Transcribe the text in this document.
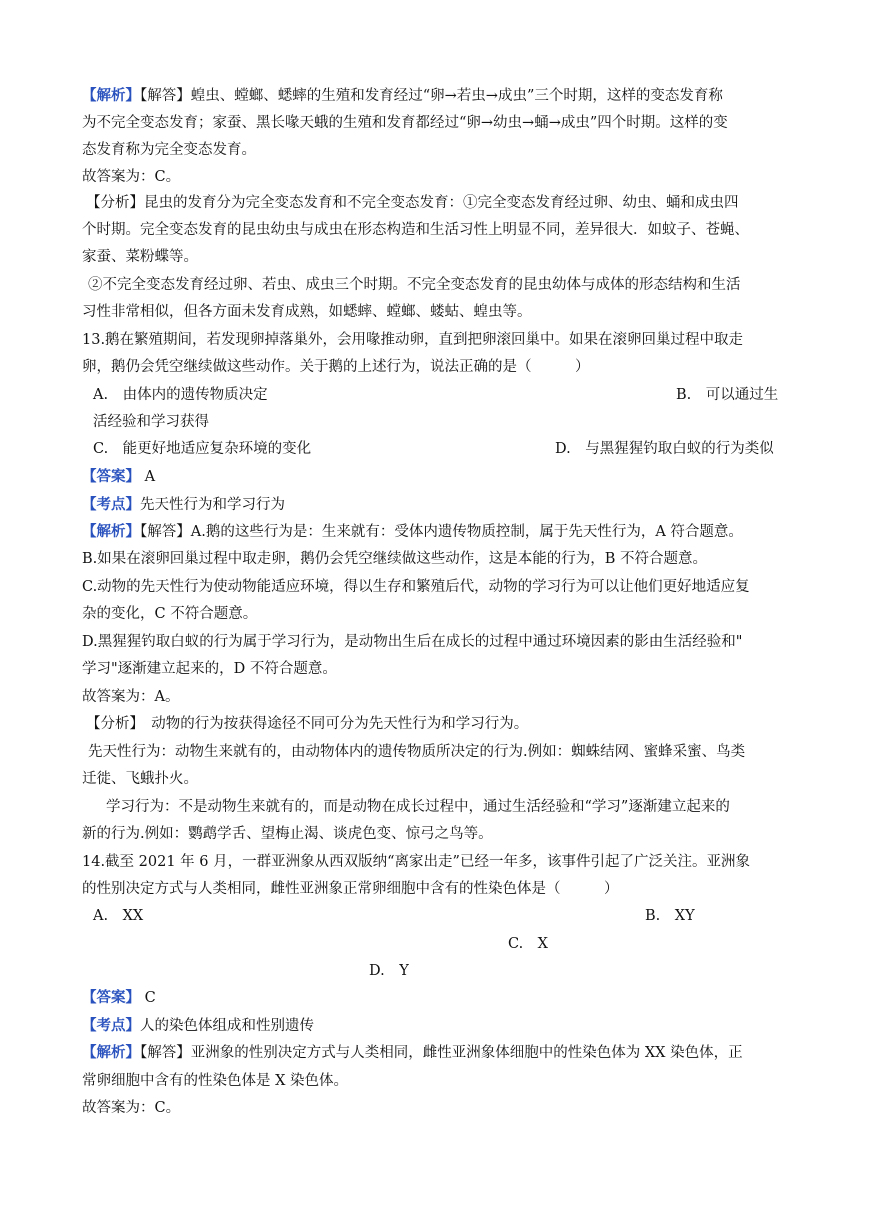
【解析】【解答】蝗虫、螳螂、蟋蟀的生殖和发育经过“卵→若虫→成虫”三个时期，这样的变态发育称
为不完全变态发育；家蚕、黑长喙天蛾的生殖和发育都经过“卵→幼虫→蛹→成虫”四个时期。这样的变
态发育称为完全变态发育。
故答案为：C。
【分析】昆虫的发育分为完全变态发育和不完全变态发育：①完全变态发育经过卵、幼虫、蛹和成虫四
个时期。完全变态发育的昆虫幼虫与成虫在形态构造和生活习性上明显不同，差异很大．如蚊子、苍蝇、
家蚕、菜粉蝶等。
②不完全变态发育经过卵、若虫、成虫三个时期。不完全变态发育的昆虫幼体与成体的形态结构和生活
习性非常相似，但各方面未发育成熟，如蟋蟀、螳螂、蝼蛄、蝗虫等。
13.鹅在繁殖期间，若发现卵掉落巢外，会用喙推动卵，直到把卵滚回巢中。如果在滚卵回巢过程中取走
卵，鹅仍会凭空继续做这些动作。关于鹅的上述行为，说法正确的是（　　　）
A.　由体内的遗传物质决定	B.　可以通过生
活经验和学习获得
C.　能更好地适应复杂环境的变化	D.　与黑猩猩钓取白蚁的行为类似
【答案】 A
【考点】先天性行为和学习行为
【解析】【解答】A.鹅的这些行为是：生来就有：受体内遗传物质控制，属于先天性行为，A 符合题意。
B.如果在滚卵回巢过程中取走卵，鹅仍会凭空继续做这些动作，这是本能的行为，B 不符合题意。
C.动物的先天性行为使动物能适应环境，得以生存和繁殖后代，动物的学习行为可以让他们更好地适应复
杂的变化，C 不符合题意。
D.黑猩猩钓取白蚁的行为属于学习行为，是动物出生后在成长的过程中通过环境因素的影由生活经验和"
学习"逐渐建立起来的，D 不符合题意。
故答案为：A。
【分析】　动物的行为按获得途径不同可分为先天性行为和学习行为。
先天性行为：动物生来就有的，由动物体内的遗传物质所决定的行为.例如：蜘蛛结网、蜜蜂采蜜、鸟类
迁徙、飞蛾扑火。
学习行为：不是动物生来就有的，而是动物在成长过程中，通过生活经验和“学习”逐渐建立起来的
新的行为.例如：鹦鹉学舌、望梅止渴、谈虎色变、惊弓之鸟等。
14.截至 2021 年 6 月，一群亚洲象从西双版纳“离家出走”已经一年多，该事件引起了广泛关注。亚洲象
的性别决定方式与人类相同，雌性亚洲象正常卵细胞中含有的性染色体是（　　　）
A.　XX	B.　XY
C.　X
D.　Y
【答案】 C
【考点】人的染色体组成和性别遗传
【解析】【解答】亚洲象的性别决定方式与人类相同，雌性亚洲象体细胞中的性染色体为 XX 染色体，正
常卵细胞中含有的性染色体是 X 染色体。
故答案为：C。
